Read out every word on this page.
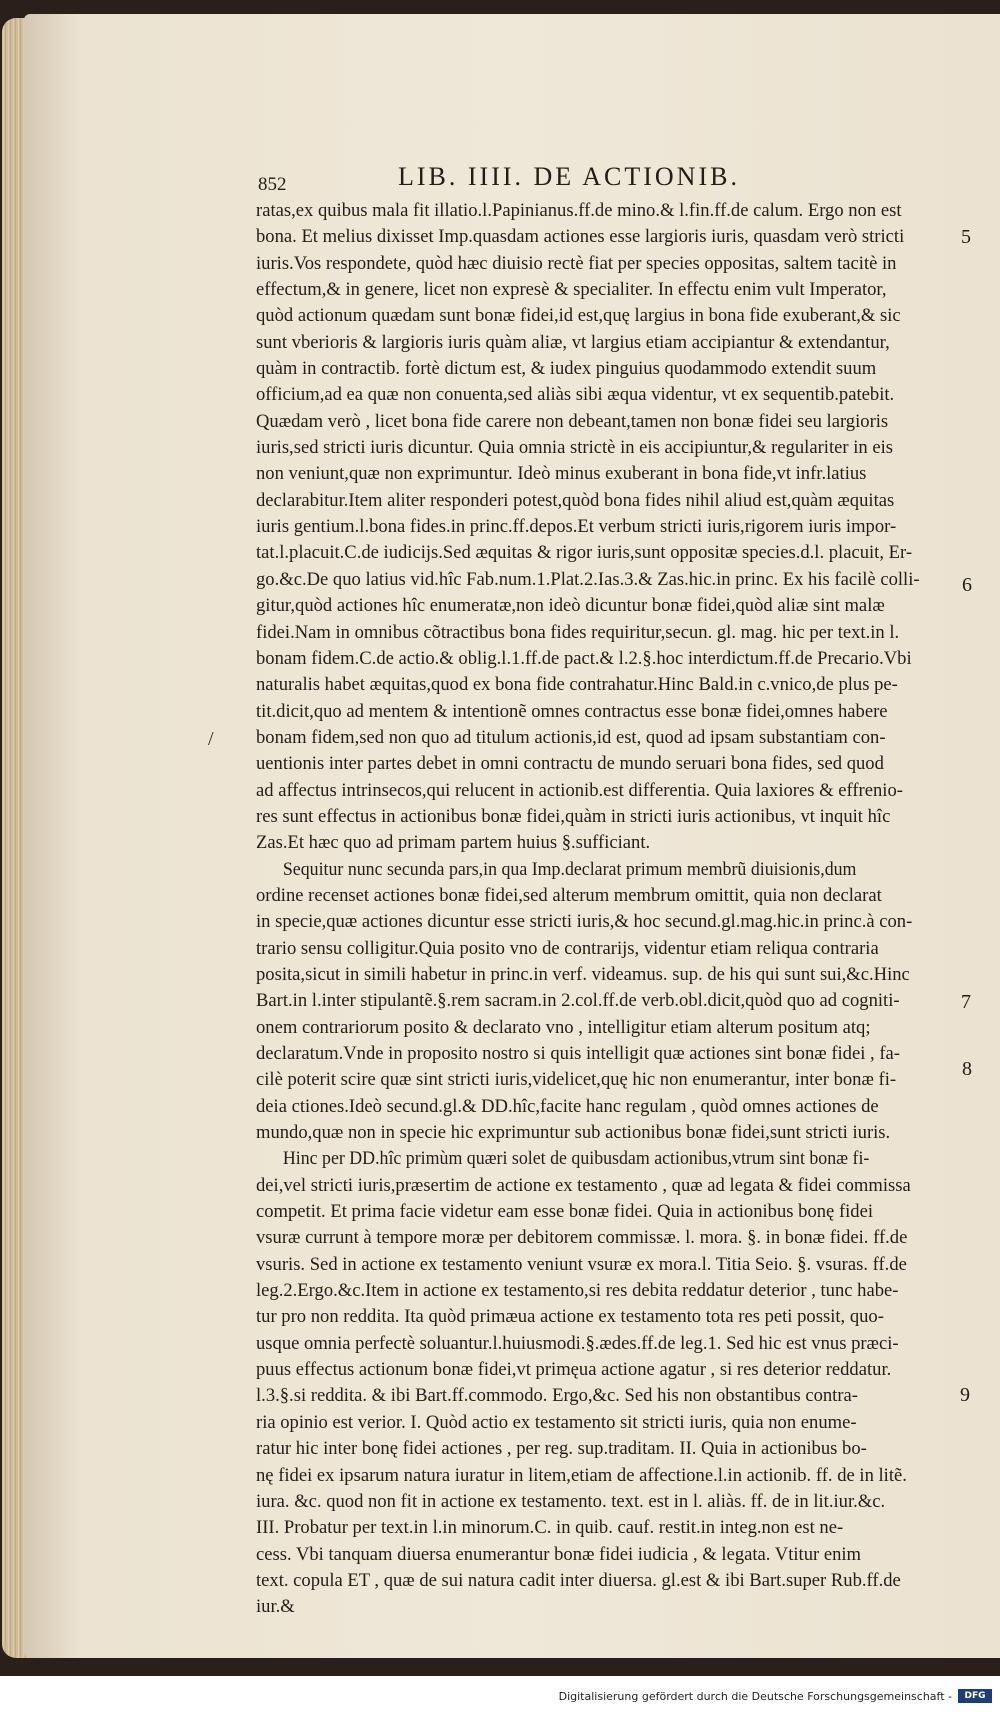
852	LIB. IIII. DE ACTIONIB.
ratas,ex quibus mala fit illatio.l.Papinianus.ff.de mino.& l.fin.ff.de calum. Ergo non est
bona. Et melius dixisset Imp.quasdam actiones esse largioris iuris, quasdam verò stricti
iuris.Vos respondete, quòd hæc diuisio rectè fiat per species oppositas, saltem tacitè in
effectum,& in genere, licet non expresè & specialiter. In effectu enim vult Imperator,
quòd actionum quædam sunt bonæ fidei,id est,quę largius in bona fide exuberant,& sic
sunt vberioris & largioris iuris quàm aliæ, vt largius etiam accipiantur & extendantur,
quàm in contractib. fortè dictum est, & iudex pinguius quodammodo extendit suum
officium,ad ea quæ non conuenta,sed aliàs sibi æqua videntur, vt ex sequentib.patebit.
Quædam verò , licet bona fide carere non debeant,tamen non bonæ fidei seu largioris
iuris,sed stricti iuris dicuntur. Quia omnia strictè in eis accipiuntur,& regulariter in eis
non veniunt,quæ non exprimuntur. Ideò minus exuberant in bona fide,vt infr.latius
declarabitur.Item aliter responderi potest,quòd bona fides nihil aliud est,quàm æquitas
iuris gentium.l.bona fides.in princ.ff.depos.Et verbum stricti iuris,rigorem iuris impor-
tat.l.placuit.C.de iudicijs.Sed æquitas & rigor iuris,sunt oppositæ species.d.l. placuit, Er-
go.&c.De quo latius vid.hîc Fab.num.1.Plat.2.Ias.3.& Zas.hic.in princ. Ex his facilè colli-
gitur,quòd actiones hîc enumeratæ,non ideò dicuntur bonæ fidei,quòd aliæ sint malæ
fidei.Nam in omnibus cõtractibus bona fides requiritur,secun. gl. mag. hic per text.in l.
bonam fidem.C.de actio.& oblig.l.1.ff.de pact.& l.2.§.hoc interdictum.ff.de Precario.Vbi
naturalis habet æquitas,quod ex bona fide contrahatur.Hinc Bald.in c.vnico,de plus pe-
tit.dicit,quo ad mentem & intentionẽ omnes contractus esse bonæ fidei,omnes habere
bonam fidem,sed non quo ad titulum actionis,id est, quod ad ipsam substantiam con-
uentionis inter partes debet in omni contractu de mundo seruari bona fides, sed quod
ad affectus intrinsecos,qui relucent in actionib.est differentia. Quia laxiores & effrenio-
res sunt effectus in actionibus bonæ fidei,quàm in stricti iuris actionibus, vt inquit hîc
Zas.Et hæc quo ad primam partem huius §.sufficiant.
Sequitur nunc secunda pars,in qua Imp.declarat primum membrũ diuisionis,dum
ordine recenset actiones bonæ fidei,sed alterum membrum omittit, quia non declarat
in specie,quæ actiones dicuntur esse stricti iuris,& hoc secund.gl.mag.hic.in princ.à con-
trario sensu colligitur.Quia posito vno de contrarijs, videntur etiam reliqua contraria
posita,sicut in simili habetur in princ.in verf. videamus. sup. de his qui sunt sui,&c.Hinc
Bart.in l.inter stipulantẽ.§.rem sacram.in 2.col.ff.de verb.obl.dicit,quòd quo ad cogniti-
onem contrariorum posito & declarato vno , intelligitur etiam alterum positum atq;
declaratum.Vnde in proposito nostro si quis intelligit quæ actiones sint bonæ fidei , fa-
cilè poterit scire quæ sint stricti iuris,videlicet,quę hic non enumerantur, inter bonæ fi-
deia ctiones.Ideò secund.gl.& DD.hîc,facite hanc regulam , quòd omnes actiones de
mundo,quæ non in specie hic exprimuntur sub actionibus bonæ fidei,sunt stricti iuris.
Hinc per DD.hîc primùm quæri solet de quibusdam actionibus,vtrum sint bonæ fi-
dei,vel stricti iuris,præsertim de actione ex testamento , quæ ad legata & fidei commissa
competit. Et prima facie videtur eam esse bonæ fidei. Quia in actionibus bonę fidei
vsuræ currunt à tempore moræ per debitorem commissæ. l. mora. §. in bonæ fidei. ff.de
vsuris. Sed in actione ex testamento veniunt vsuræ ex mora.l. Titia Seio. §. vsuras. ff.de
leg.2.Ergo.&c.Item in actione ex testamento,si res debita reddatur deterior , tunc habe-
tur pro non reddita. Ita quòd primæua actione ex testamento tota res peti possit, quo-
usque omnia perfectè soluantur.l.huiusmodi.§.ædes.ff.de leg.1. Sed hic est vnus præci-
puus effectus actionum bonæ fidei,vt primęua actione agatur , si res deterior reddatur.
l.3.§.si reddita. & ibi Bart.ff.commodo. Ergo,&c. Sed his non obstantibus contra-
ria opinio est verior. I. Quòd actio ex testamento sit stricti iuris, quia non enume-
ratur hic inter bonę fidei actiones , per reg. sup.traditam. II. Quia in actionibus bo-
nę fidei ex ipsarum natura iuratur in litem,etiam de affectione.l.in actionib. ff. de in litẽ.
iura. &c. quod non fit in actione ex testamento. text. est in l. aliàs. ff. de in lit.iur.&c.
III. Probatur per text.in l.in minorum.C. in quib. cauf. restit.in integ.non est ne-
cess. Vbi tanquam diuersa enumerantur bonæ fidei iudicia , & legata. Vtitur enim
text. copula ET , quæ de sui natura cadit inter diuersa. gl.est & ibi Bart.super Rub.ff.de
iur.&
/
5
6
7
8
9
Digitalisierung gefördert durch die Deutsche Forschungsgemeinschaft -	DFG
